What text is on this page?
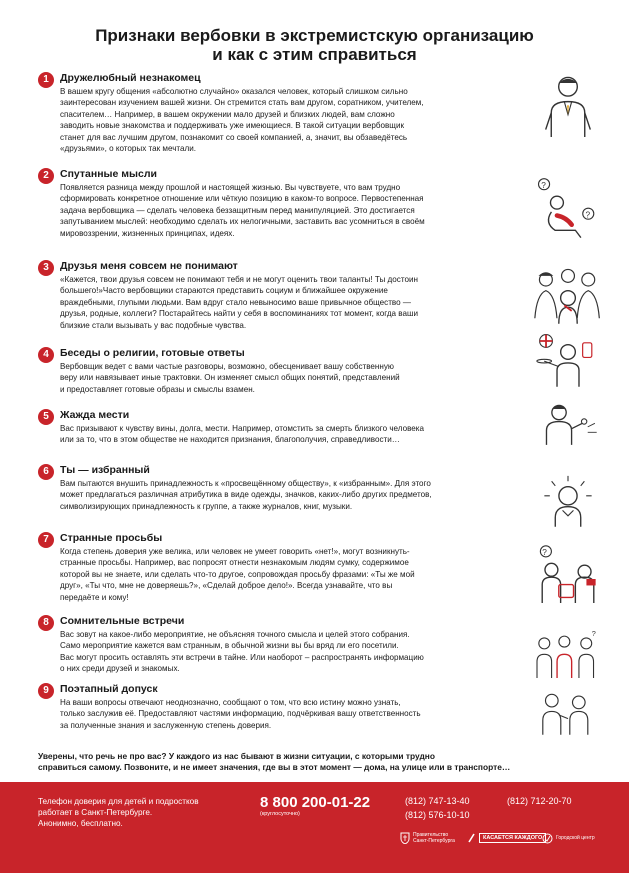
Признаки вербовки в экстремистскую организацию
и как с этим справиться
1	Дружелюбный незнакомец
В вашем кругу общения «абсолютно случайно» оказался человек, который слишком сильно
заинтересован изучением вашей жизни. Он стремится стать вам другом, соратником, учителем,
спасителем… Например, в вашем окружении мало друзей и близких людей, вам сложно
заводить новые знакомства и поддерживать уже имеющиеся. В такой ситуации вербовщик
станет для вас лучшим другом, познакомит со своей компанией, а, значит, вы обзаведётесь
«друзьями», о которых так мечтали.
2	Спутанные мысли
Появляется разница между прошлой и настоящей жизнью. Вы чувствуете, что вам трудно
сформировать конкретное отношение или чёткую позицию в каком-то вопросе. Первостепенная
задача вербовщика — сделать человека беззащитным перед манипуляцией. Это достигается
запутыванием мыслей: необходимо сделать их нелогичными, заставить вас усомниться в своём
мировоззрении, жизненных принципах, идеях.
3	Друзья меня совсем не понимают
«Кажется, твои друзья совсем не понимают тебя и не могут оценить твои таланты! Ты достоин
большего!»Часто вербовщики стараются представить социум и ближайшее окружение
враждебными, глупыми людьми. Вам вдруг стало невыносимо ваше привычное общество —
друзья, родные, коллеги? Постарайтесь найти у себя в воспоминаниях тот момент, когда ваши
близкие стали вызывать у вас подобные чувства.
4	Беседы о религии, готовые ответы
Вербовщик ведет с вами частые разговоры, возможно, обесценивает вашу собственную
веру или навязывает иные трактовки. Он изменяет смысл общих понятий, представлений
и предоставляет готовые образы и смыслы взамен.
5	Жажда мести
Вас призывают к чувству вины, долга, мести. Например, отомстить за смерть близкого человека
или за то, что в этом обществе не находится признания, благополучия, справедливости…
6	Ты — избранный
Вам пытаются внушить принадлежность к «просвещённому обществу», к «избранным». Для этого
может предлагаться различная атрибутика в виде одежды, значков, каких-либо других предметов,
символизирующих принадлежность к группе, а также журналов, книг, музыки.
7	Странные просьбы
Когда степень доверия уже велика, или человек не умеет говорить «нет!», могут возникнуть-
странные просьбы. Например, вас попросят отнести незнакомым людям сумку, содержимое
которой вы не знаете, или сделать что-то другое, сопровождая просьбу фразами: «Ты же мой
друг», «Ты что, мне не доверяешь?», «Сделай доброе дело!». Всегда узнавайте, что вы
передаёте и кому!
8	Сомнительные встречи
Вас зовут на какое-либо мероприятие, не объясняя точного смысла и целей этого собрания.
Само мероприятие кажется вам странным, в обычной жизни вы бы вряд ли его посетили.
Вас могут просить оставлять эти встречи в тайне. Или наоборот – распространять информацию
о них среди друзей и знакомых.
9	Поэтапный допуск
На ваши вопросы отвечают неоднозначно, сообщают о том, что всю истину можно узнать,
только заслужив её. Предоставляют частями информацию, подчёркивая вашу ответственность
за полученные знания и заслуженную степень доверия.
Уверены, что речь не про вас? У каждого из нас бывают в жизни ситуации, с которыми трудно
справиться самому. Позвоните, и не имеет значения, где вы в этот момент — дома, на улице или в транспорте…
Телефон доверия для детей и подростков
работает в Санкт-Петербурге.
Анонимно, бесплатно.
8 800 200-01-22
(круглосуточно)
(812) 747-13-40	(812) 712-20-70
(812) 576-10-10
Правительство Санкт-Петербурга	КАСАЕТСЯ КАЖДОГО	Городской центр
?
?
?
?
